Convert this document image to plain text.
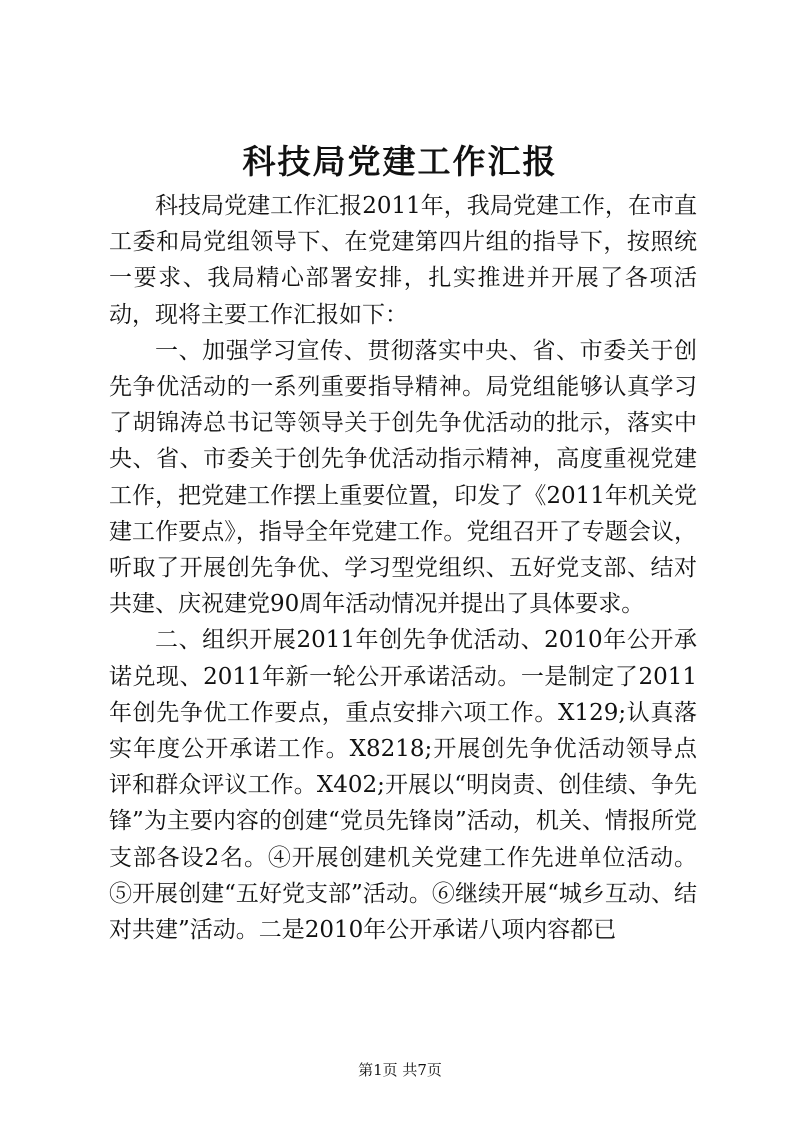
科技局党建工作汇报

科技局党建工作汇报2011年，我局党建工作，在市直工委和局党组领导下、在党建第四片组的指导下，按照统一要求、我局精心部署安排，扎实推进并开展了各项活动，现将主要工作汇报如下：

一、加强学习宣传、贯彻落实中央、省、市委关于创先争优活动的一系列重要指导精神。局党组能够认真学习了胡锦涛总书记等领导关于创先争优活动的批示，落实中央、省、市委关于创先争优活动指示精神，高度重视党建工作，把党建工作摆上重要位置，印发了《2011年机关党建工作要点》，指导全年党建工作。党组召开了专题会议，听取了开展创先争优、学习型党组织、五好党支部、结对共建、庆祝建党90周年活动情况并提出了具体要求。

二、组织开展2011年创先争优活动、2010年公开承诺兑现、2011年新一轮公开承诺活动。一是制定了2011年创先争优工作要点，重点安排六项工作。X129;认真落实年度公开承诺工作。X8218;开展创先争优活动领导点评和群众评议工作。X402;开展以“明岗责、创佳绩、争先锋”为主要内容的创建“党员先锋岗”活动，机关、情报所党支部各设2名。④开展创建机关党建工作先进单位活动。⑤开展创建“五好党支部”活动。⑥继续开展“城乡互动、结对共建”活动。二是2010年公开承诺八项内容都已

第1页 共7页
